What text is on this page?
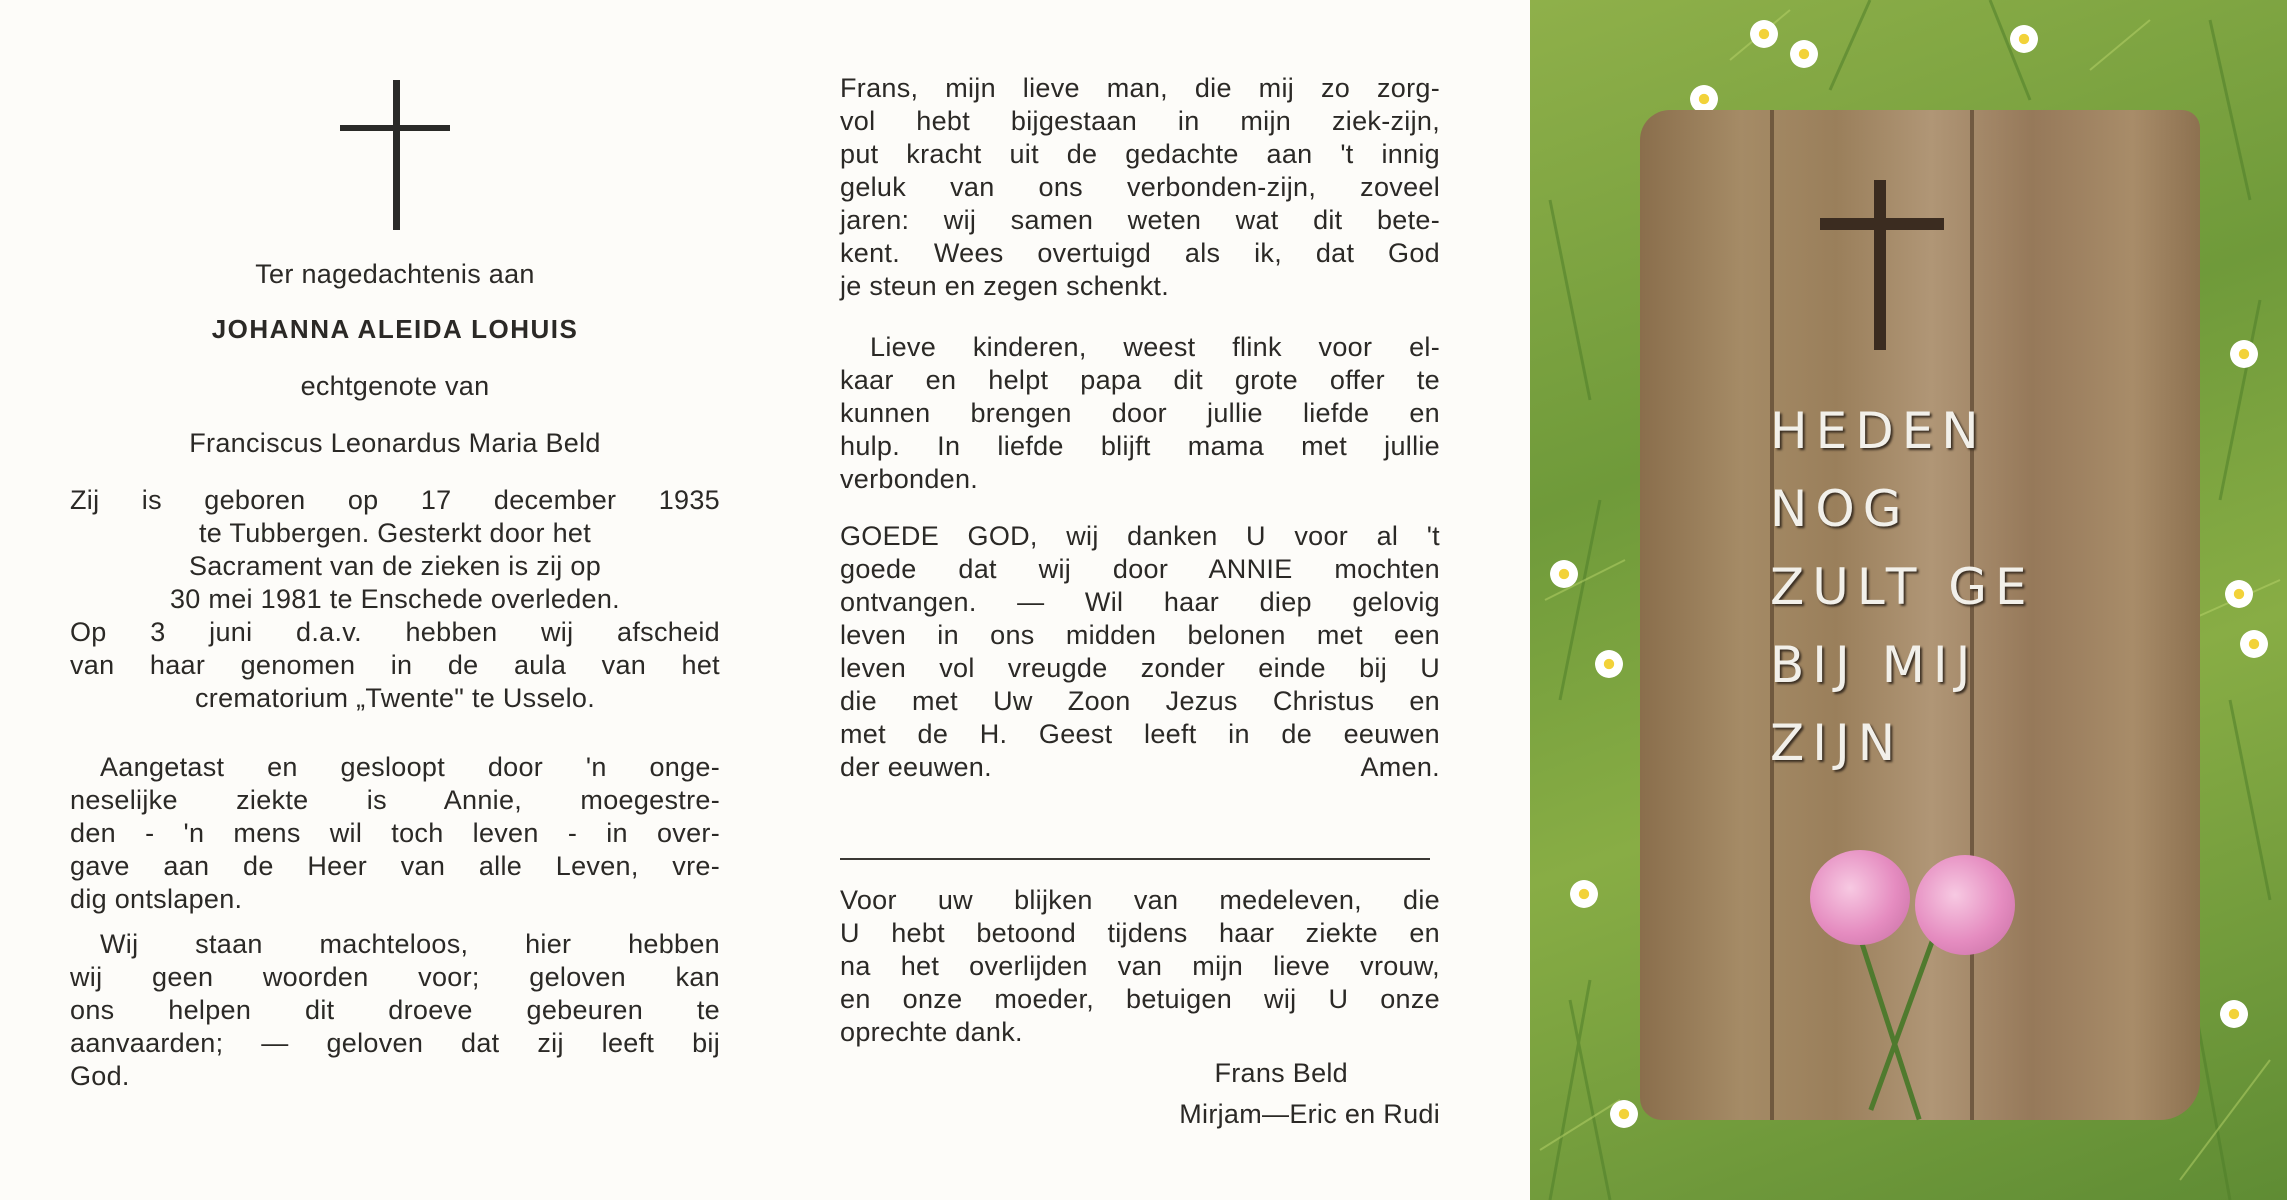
Ter nagedachtenis aan
JOHANNA ALEIDA LOHUIS
echtgenote van
Franciscus Leonardus Maria Beld
Zij is geboren op 17 december 1935
te Tubbergen. Gesterkt door het
Sacrament van de zieken is zij op
30 mei 1981 te Enschede overleden.
Op 3 juni d.a.v. hebben wij afscheid
van haar genomen in de aula van het
crematorium „Twente" te Usselo.
Aangetast en gesloopt door 'n onge-
neselijke ziekte is Annie, moegestre-
den - 'n mens wil toch leven - in over-
gave aan de Heer van alle Leven, vre-
dig ontslapen.
Wij staan machteloos, hier hebben
wij geen woorden voor; geloven kan
ons helpen dit droeve gebeuren te
aanvaarden; — geloven dat zij leeft bij
God.
Frans, mijn lieve man, die mij zo zorg-
vol hebt bijgestaan in mijn ziek-zijn,
put kracht uit de gedachte aan 't innig
geluk van ons verbonden-zijn, zoveel
jaren: wij samen weten wat dit bete-
kent. Wees overtuigd als ik, dat God
je steun en zegen schenkt.
Lieve kinderen, weest flink voor el-
kaar en helpt papa dit grote offer te
kunnen brengen door jullie liefde en
hulp. In liefde blijft mama met jullie
verbonden.
GOEDE GOD, wij danken U voor al 't
goede dat wij door ANNIE mochten
ontvangen. — Wil haar diep gelovig
leven in ons midden belonen met een
leven vol vreugde zonder einde bij U
die met Uw Zoon Jezus Christus en
met de H. Geest leeft in de eeuwen
der eeuwen.	Amen.
Voor uw blijken van medeleven, die
U hebt betoond tijdens haar ziekte en
na het overlijden van mijn lieve vrouw,
en onze moeder, betuigen wij U onze
oprechte dank.
Frans Beld
Mirjam—Eric en Rudi
HEDEN
NOG
ZULT GE
BIJ MIJ
ZIJN
